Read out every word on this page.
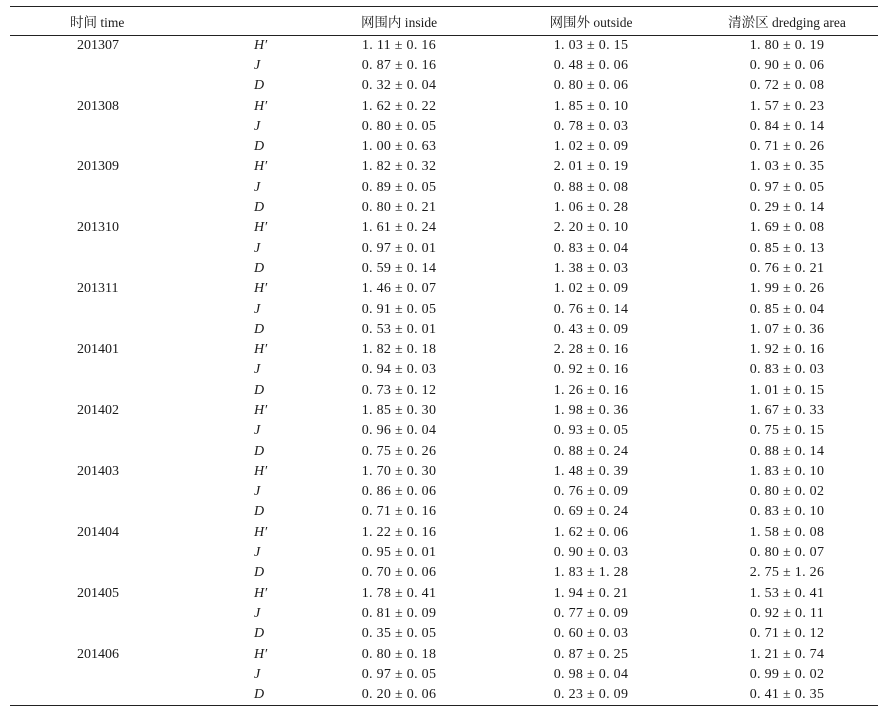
时间 time		网围内 inside	网围外 outside	清淤区 dredging area
201307	H′	1. 11 ± 0. 16	1. 03 ± 0. 15	1. 80 ± 0. 19
	J	0. 87 ± 0. 16	0. 48 ± 0. 06	0. 90 ± 0. 06
	D	0. 32 ± 0. 04	0. 80 ± 0. 06	0. 72 ± 0. 08
201308	H′	1. 62 ± 0. 22	1. 85 ± 0. 10	1. 57 ± 0. 23
	J	0. 80 ± 0. 05	0. 78 ± 0. 03	0. 84 ± 0. 14
	D	1. 00 ± 0. 63	1. 02 ± 0. 09	0. 71 ± 0. 26
201309	H′	1. 82 ± 0. 32	2. 01 ± 0. 19	1. 03 ± 0. 35
	J	0. 89 ± 0. 05	0. 88 ± 0. 08	0. 97 ± 0. 05
	D	0. 80 ± 0. 21	1. 06 ± 0. 28	0. 29 ± 0. 14
201310	H′	1. 61 ± 0. 24	2. 20 ± 0. 10	1. 69 ± 0. 08
	J	0. 97 ± 0. 01	0. 83 ± 0. 04	0. 85 ± 0. 13
	D	0. 59 ± 0. 14	1. 38 ± 0. 03	0. 76 ± 0. 21
201311	H′	1. 46 ± 0. 07	1. 02 ± 0. 09	1. 99 ± 0. 26
	J	0. 91 ± 0. 05	0. 76 ± 0. 14	0. 85 ± 0. 04
	D	0. 53 ± 0. 01	0. 43 ± 0. 09	1. 07 ± 0. 36
201401	H′	1. 82 ± 0. 18	2. 28 ± 0. 16	1. 92 ± 0. 16
	J	0. 94 ± 0. 03	0. 92 ± 0. 16	0. 83 ± 0. 03
	D	0. 73 ± 0. 12	1. 26 ± 0. 16	1. 01 ± 0. 15
201402	H′	1. 85 ± 0. 30	1. 98 ± 0. 36	1. 67 ± 0. 33
	J	0. 96 ± 0. 04	0. 93 ± 0. 05	0. 75 ± 0. 15
	D	0. 75 ± 0. 26	0. 88 ± 0. 24	0. 88 ± 0. 14
201403	H′	1. 70 ± 0. 30	1. 48 ± 0. 39	1. 83 ± 0. 10
	J	0. 86 ± 0. 06	0. 76 ± 0. 09	0. 80 ± 0. 02
	D	0. 71 ± 0. 16	0. 69 ± 0. 24	0. 83 ± 0. 10
201404	H′	1. 22 ± 0. 16	1. 62 ± 0. 06	1. 58 ± 0. 08
	J	0. 95 ± 0. 01	0. 90 ± 0. 03	0. 80 ± 0. 07
	D	0. 70 ± 0. 06	1. 83 ± 1. 28	2. 75 ± 1. 26
201405	H′	1. 78 ± 0. 41	1. 94 ± 0. 21	1. 53 ± 0. 41
	J	0. 81 ± 0. 09	0. 77 ± 0. 09	0. 92 ± 0. 11
	D	0. 35 ± 0. 05	0. 60 ± 0. 03	0. 71 ± 0. 12
201406	H′	0. 80 ± 0. 18	0. 87 ± 0. 25	1. 21 ± 0. 74
	J	0. 97 ± 0. 05	0. 98 ± 0. 04	0. 99 ± 0. 02
	D	0. 20 ± 0. 06	0. 23 ± 0. 09	0. 41 ± 0. 35
